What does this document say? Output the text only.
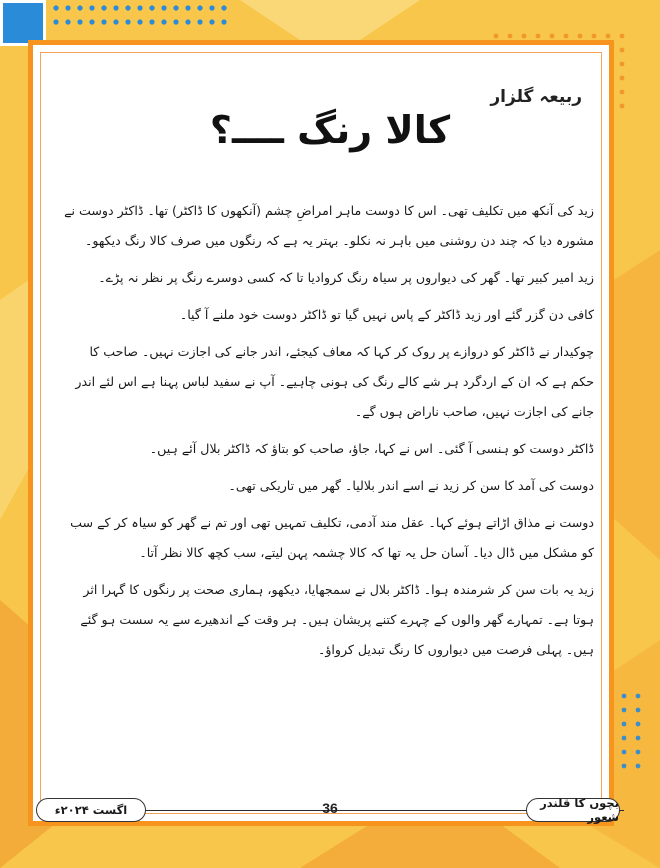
ربیعہ گلزار
کالا رنگ ــــ؟

زید کی آنکھ میں تکلیف تھی۔ اس کا دوست ماہر امراضِ چشم (آنکھوں کا ڈاکٹر) تھا۔ ڈاکٹر دوست نے مشورہ دیا کہ چند دن روشنی میں باہر نہ نکلو۔ بہتر یہ ہے کہ رنگوں میں صرف کالا رنگ دیکھو۔

زید امیر کبیر تھا۔ گھر کی دیواروں پر سیاہ رنگ کروادیا تا کہ کسی دوسرے رنگ پر نظر نہ پڑے۔

کافی دن گزر گئے اور زید ڈاکٹر کے پاس نہیں گیا تو ڈاکٹر دوست خود ملنے آ گیا۔

چوکیدار نے ڈاکٹر کو دروازے پر روک کر کہا کہ معاف کیجئے، اندر جانے کی اجازت نہیں۔ صاحب کا حکم ہے کہ ان کے اردگرد ہر شے کالے رنگ کی ہونی چاہیے۔ آپ نے سفید لباس پہنا ہے اس لئے اندر جانے کی اجازت نہیں، صاحب ناراض ہوں گے۔

ڈاکٹر دوست کو ہنسی آ گئی۔ اس نے کہا، جاؤ، صاحب کو بتاؤ کہ ڈاکٹر بلال آئے ہیں۔

دوست کی آمد کا سن کر زید نے اسے اندر بلالیا۔ گھر میں تاریکی تھی۔

دوست نے مذاق اڑاتے ہوئے کہا۔ عقل مند آدمی، تکلیف تمہیں تھی اور تم نے گھر کو سیاہ کر کے سب کو مشکل میں ڈال دیا۔ آسان حل یہ تھا کہ کالا چشمہ پہن لیتے، سب کچھ کالا نظر آتا۔

زید یہ بات سن کر شرمندہ ہوا۔ ڈاکٹر بلال نے سمجھایا، دیکھو، ہماری صحت پر رنگوں کا گہرا اثر ہوتا ہے۔ تمہارے گھر والوں کے چہرے کتنے پریشان ہیں۔ ہر وقت کے اندھیرے سے یہ سست ہو گئے ہیں۔ پہلی فرصت میں دیواروں کا رنگ تبدیل کرواؤ۔

اگست ۲۰۲۴ء	36	بچوں کا قلندر شعور
